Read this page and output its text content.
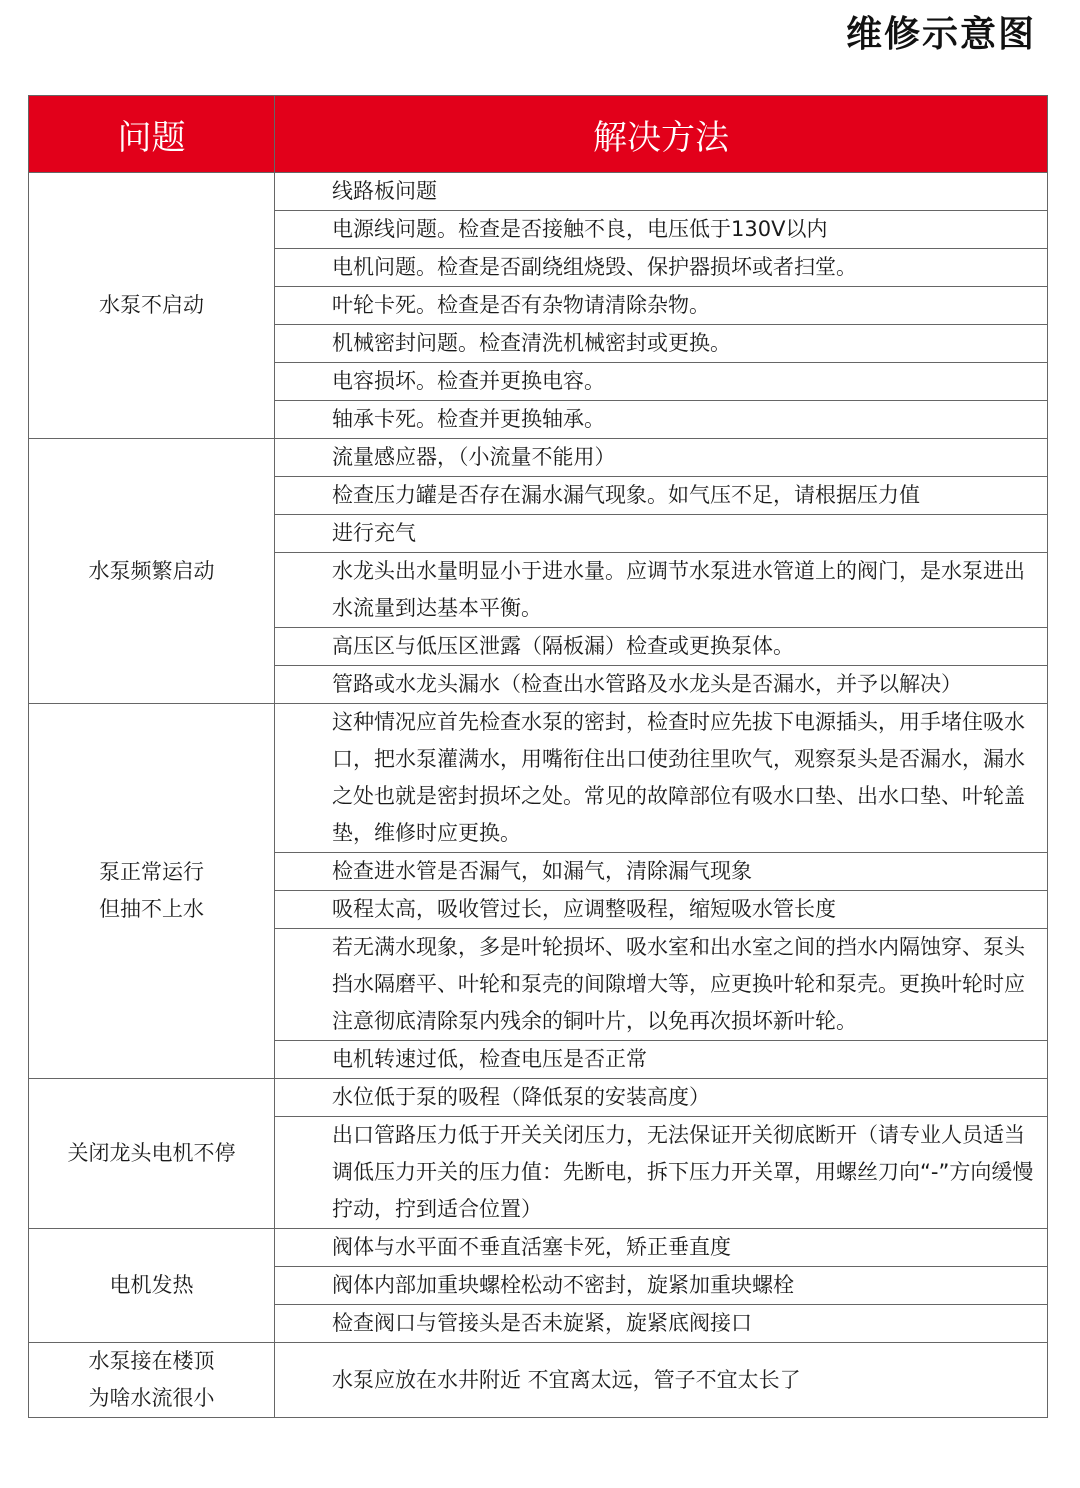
维修示意图
问题	解决方法
水泵不启动	线路板问题
	电源线问题。检查是否接触不良，电压低于130V以内
	电机问题。检查是否副绕组烧毁、保护器损坏或者扫堂。
	叶轮卡死。检查是否有杂物请清除杂物。
	机械密封问题。检查清洗机械密封或更换。
	电容损坏。检查并更换电容。
	轴承卡死。检查并更换轴承。
水泵频繁启动	流量感应器，（小流量不能用）
	检查压力罐是否存在漏水漏气现象。如气压不足，请根据压力值
	进行充气
	水龙头出水量明显小于进水量。应调节水泵进水管道上的阀门，是水泵进出水流量到达基本平衡。
	高压区与低压区泄露（隔板漏）检查或更换泵体。
	管路或水龙头漏水（检查出水管路及水龙头是否漏水，并予以解决）
泵正常运行
但抽不上水	这种情况应首先检查水泵的密封，检查时应先拔下电源插头，用手堵住吸水口，把水泵灌满水，用嘴衔住出口使劲往里吹气，观察泵头是否漏水，漏水之处也就是密封损坏之处。常见的故障部位有吸水口垫、出水口垫、叶轮盖垫，维修时应更换。
	检查进水管是否漏气，如漏气，清除漏气现象
	吸程太高，吸收管过长，应调整吸程，缩短吸水管长度
	若无满水现象，多是叶轮损坏、吸水室和出水室之间的挡水内隔蚀穿、泵头挡水隔磨平、叶轮和泵壳的间隙增大等，应更换叶轮和泵壳。更换叶轮时应注意彻底清除泵内残余的铜叶片，以免再次损坏新叶轮。
	电机转速过低，检查电压是否正常
关闭龙头电机不停	水位低于泵的吸程（降低泵的安装高度）
	出口管路压力低于开关关闭压力，无法保证开关彻底断开（请专业人员适当调低压力开关的压力值：先断电，拆下压力开关罩，用螺丝刀向“-”方向缓慢拧动，拧到适合位置）
电机发热	阀体与水平面不垂直活塞卡死，矫正垂直度
	阀体内部加重块螺栓松动不密封，旋紧加重块螺栓
	检查阀口与管接头是否未旋紧，旋紧底阀接口
水泵接在楼顶
为啥水流很小	水泵应放在水井附近 不宜离太远，管子不宜太长了
